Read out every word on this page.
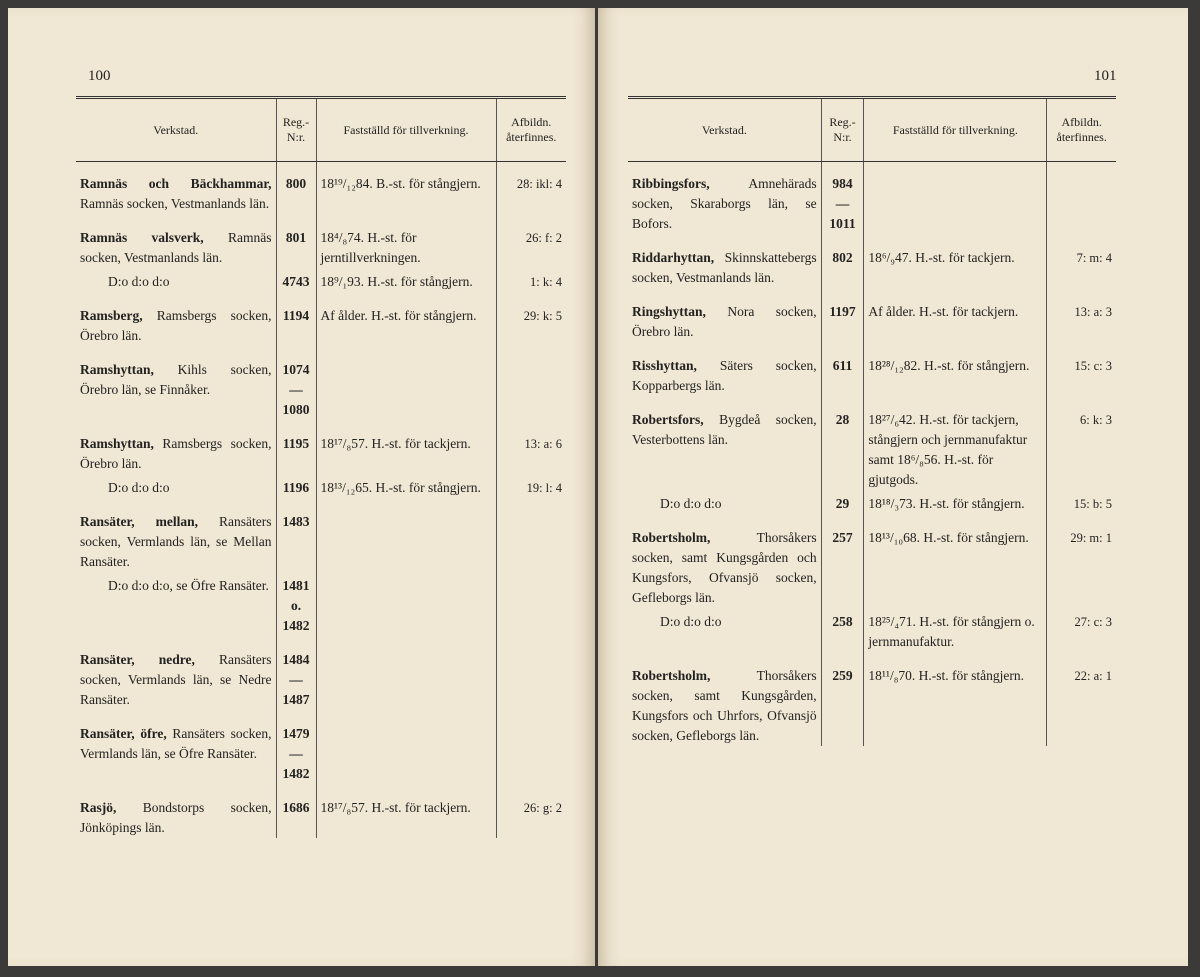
100
Verkstad.	Reg.-N:r.	Fastställd för tillverkning.	Afbildn. återfinnes.
Ramnäs och Bäckhammar, Ramnäs socken, Vestmanlands län.	800	18¹⁹/₁₂84. B.-st. för stångjern.	28: ikl: 4
Ramnäs valsverk, Ramnäs socken, Vestmanlands län.	801	18⁴/₈74. H.-st. för jerntillverkningen.	26: f: 2
D:o d:o d:o	4743	18⁹/₁93. H.-st. för stångjern.	1: k: 4
Ramsberg, Ramsbergs socken, Örebro län.	1194	Af ålder. H.-st. för stångjern.	29: k: 5
Ramshyttan, Kihls socken, Örebro län, se Finnåker.	1074—1080		
Ramshyttan, Ramsbergs socken, Örebro län.	1195	18¹⁷/₈57. H.-st. för tackjern.	13: a: 6
D:o d:o d:o	1196	18¹³/₁₂65. H.-st. för stångjern.	19: l: 4
Ransäter, mellan, Ransäters socken, Vermlands län, se Mellan Ransäter.	1483		
D:o d:o d:o, se Öfre Ransäter.	1481 o. 1482		
Ransäter, nedre, Ransäters socken, Vermlands län, se Nedre Ransäter.	1484—1487		
Ransäter, öfre, Ransäters socken, Vermlands län, se Öfre Ransäter.	1479—1482		
Rasjö, Bondstorps socken, Jönköpings län.	1686	18¹⁷/₈57. H.-st. för tackjern.	26: g: 2
101
Verkstad.	Reg.-N:r.	Fastställd för tillverkning.	Afbildn. återfinnes.
Ribbingsfors, Amnehärads socken, Skaraborgs län, se Bofors.	984—1011		
Riddarhyttan, Skinnskattebergs socken, Vestmanlands län.	802	18⁶/₉47. H.-st. för tackjern.	7: m: 4
Ringshyttan, Nora socken, Örebro län.	1197	Af ålder. H.-st. för tackjern.	13: a: 3
Risshyttan, Säters socken, Kopparbergs län.	611	18²⁸/₁₂82. H.-st. för stångjern.	15: c: 3
Robertsfors, Bygdeå socken, Vesterbottens län.	28	18²⁷/₆42. H.-st. för tackjern, stångjern och jernmanufaktur samt 18⁶/₈56. H.-st. för gjutgods.	6: k: 3
D:o d:o d:o	29	18¹⁸/₃73. H.-st. för stångjern.	15: b: 5
Robertsholm, Thorsåkers socken, samt Kungsgården och Kungsfors, Ofvansjö socken, Gefleborgs län.	257	18¹³/₁₀68. H.-st. för stångjern.	29: m: 1
D:o d:o d:o	258	18²⁵/₄71. H.-st. för stångjern o. jernmanufaktur.	27: c: 3
Robertsholm, Thorsåkers socken, samt Kungsgården, Kungsfors och Uhrfors, Ofvansjö socken, Gefleborgs län.	259	18¹¹/₈70. H.-st. för stångjern.	22: a: 1
